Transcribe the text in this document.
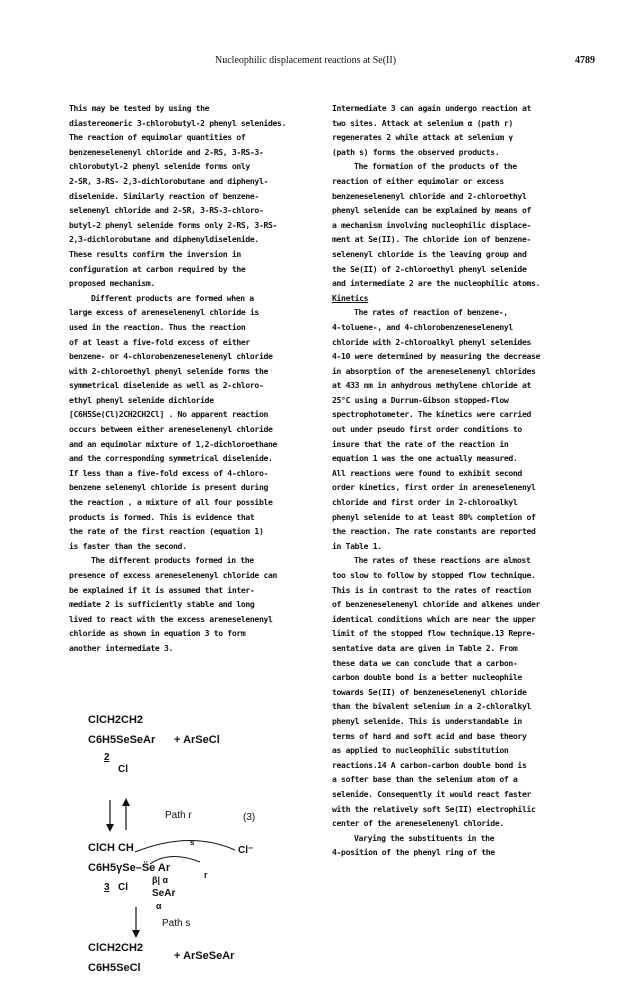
Nucleophilic displacement reactions at Se(II)	4789
This may be tested by using the
diastereomeric 3-chlorobutyl-2 phenyl selenides.
The reaction of equimolar quantities of
benzeneselenenyl chloride and 2-RS, 3-RS-3-
chlorobutyl-2 phenyl selenide forms only
2-SR, 3-RS- 2,3-dichlorobutane and diphenyl-
diselenide. Similarly reaction of benzene-
selenenyl chloride and 2-SR, 3-RS-3-chloro-
butyl-2 phenyl selenide forms only 2-RS, 3-RS-
2,3-dichlorobutane and diphenyldiselenide.
These results confirm the inversion in
configuration at carbon required by the
proposed mechanism.
Different products are formed when a
large excess of areneselenenyl chloride is
used in the reaction. Thus the reaction
of at least a five-fold excess of either
benzene- or 4-chlorobenzeneselenenyl chloride
with 2-chloroethyl phenyl selenide forms the
symmetrical diselenide as well as 2-chloro-
ethyl phenyl selenide dichloride
[C6H5Se(Cl)2CH2CH2Cl] . No apparent reaction
occurs between either areneselenenyl chloride
and an equimolar mixture of 1,2-dichloroethane
and the corresponding symmetrical diselenide.
If less than a five-fold excess of 4-chloro-
benzene selenenyl chloride is present during
the reaction , a mixture of all four possible
products is formed. This is evidence that
the rate of the first reaction (equation 1)
is faster than the second.
The different products formed in the
presence of excess areneselenenyl chloride can
be explained if it is assumed that inter-
mediate 2 is sufficiently stable and long
lived to react with the excess areneselenenyl
chloride as shown in equation 3 to form
another intermediate 3.
Intermediate 3 can again undergo reaction at
two sites. Attack at selenium α (path r)
regenerates 2 while attack at selenium γ
(path s) forms the observed products.
The formation of the products of the
reaction of either equimolar or excess
benzeneselenenyl chloride and 2-chloroethyl
phenyl selenide can be explained by means of
a mechanism involving nucleophilic displace-
ment at Se(II). The chloride ion of benzene-
selenenyl chloride is the leaving group and
the Se(II) of 2-chloroethyl phenyl selenide
and intermediate 2 are the nucleophilic atoms.
Kinetics
The rates of reaction of benzene-,
4-toluene-, and 4-chlorobenzeneselenenyl
chloride with 2-chloroalkyl phenyl selenides
4-10 were determined by measuring the decrease
in absorption of the areneselenenyl chlorides
at 433 nm in anhydrous methylene chloride at
25°C using a Durrum-Gibson stopped-flow
spectrophotometer. The kinetics were carried
out under pseudo first order conditions to
insure that the rate of the reaction in
equation 1 was the one actually measured.
All reactions were found to exhibit second
order kinetics, first order in areneselenenyl
chloride and first order in 2-chloroalkyl
phenyl selenide to at least 80% completion of
the reaction. The rate constants are reported
in Table 1.
The rates of these reactions are almost
too slow to follow by stopped flow technique.
This is in contrast to the rates of reaction
of benzeneselenenyl chloride and alkenes under
identical conditions which are near the upper
limit of the stopped flow technique.13 Repre-
sentative data are given in Table 2. From
these data we can conclude that a carbon-
carbon double bond is a better nucleophile
towards Se(II) of benzeneselenenyl chloride
than the bivalent selenium in a 2-chloralkyl
phenyl selenide. This is understandable in
terms of hard and soft acid and base theory
as applied to nucleophilic substitution
reactions.14 A carbon-carbon double bond is
a softer base than the selenium atom of a
selenide. Consequently it would react faster
with the relatively soft Se(II) electrophilic
center of the areneselenenyl chloride.
Varying the substituents in the
4-position of the phenyl ring of the
ClCH2CH2
C6H5SeSeAr + ArSeCl
2
Cl
Path r	(3)
ClCH CH	s
Cl⁻
C6H5γSe–S̈e Ar
r
β| α
3 Cl
SeAr
α
Path s
ClCH2CH2
+ ArSeSeAr
C6H5SeCl
